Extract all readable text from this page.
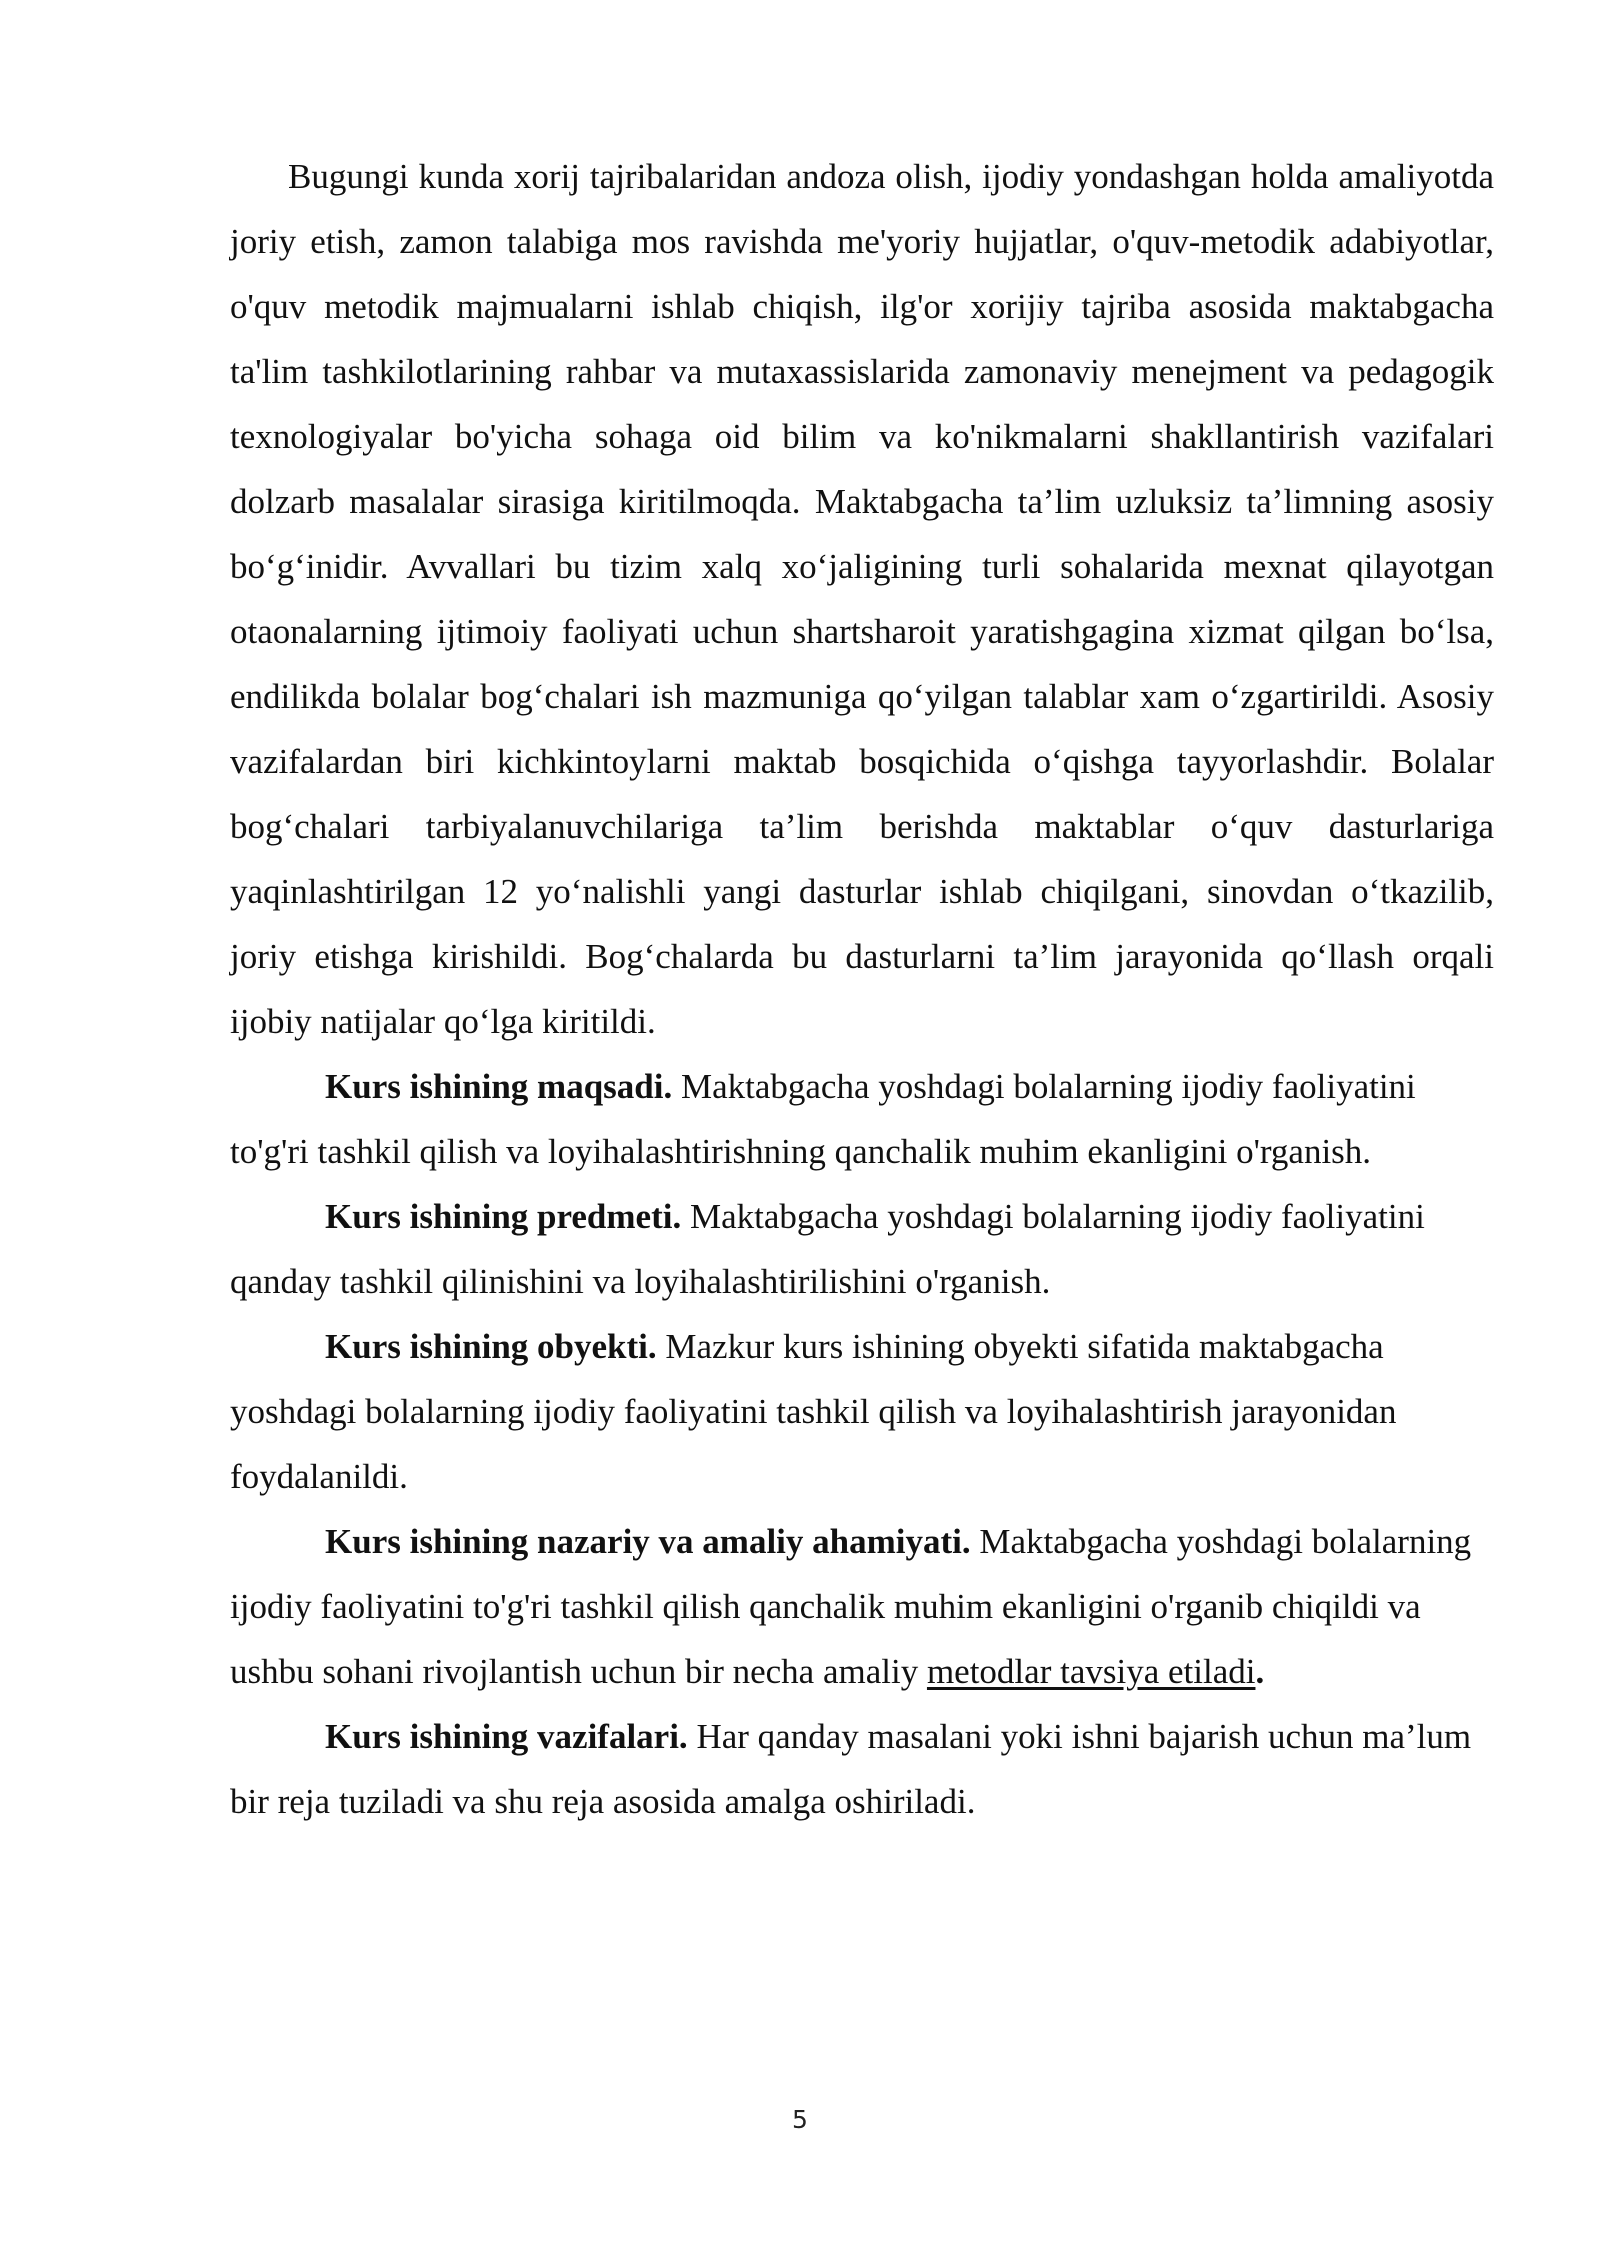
Bugungi kunda xorij tajribalaridan andoza olish, ijodiy yondashgan holda amaliyotda joriy etish, zamon talabiga mos ravishda me'yoriy hujjatlar, o'quv-metodik adabiyotlar, o'quv metodik majmualarni ishlab chiqish, ilg'or xorijiy tajriba asosida maktabgacha ta'lim tashkilotlarining rahbar va mutaxassislarida zamonaviy menejment va pedagogik texnologiyalar bo'yicha sohaga oid bilim va ko'nikmalarni shakllantirish vazifalari dolzarb masalalar sirasiga kiritilmoqda. Maktabgacha ta’lim uzluksiz ta’limning asosiy bo‘g‘inidir. Avvallari bu tizim xalq xo‘jaligining turli sohalarida mexnat qilayotgan otaonalarning ijtimoiy faoliyati uchun shartsharoit yaratishgagina xizmat qilgan bo‘lsa, endilikda bolalar bog‘chalari ish mazmuniga qo‘yilgan talablar xam o‘zgartirildi. Asosiy vazifalardan biri kichkintoylarni maktab bosqichida o‘qishga tayyorlashdir. Bolalar bog‘chalari tarbiyalanuvchilariga ta’lim berishda maktablar o‘quv dasturlariga yaqinlashtirilgan 12 yo‘nalishli yangi dasturlar ishlab chiqilgani, sinovdan o‘tkazilib, joriy etishga kirishildi. Bog‘chalarda bu dasturlarni ta’lim jarayonida qo‘llash orqali ijobiy natijalar qo‘lga kiritildi.

Kurs ishining maqsadi. Maktabgacha yoshdagi bolalarning ijodiy faoliyatini to'g'ri tashkil qilish va loyihalashtirishning qanchalik muhim ekanligini o'rganish.

Kurs ishining predmeti. Maktabgacha yoshdagi bolalarning ijodiy faoliyatini qanday tashkil qilinishini va loyihalashtirilishini o'rganish.

Kurs ishining obyekti. Mazkur kurs ishining obyekti sifatida maktabgacha yoshdagi bolalarning ijodiy faoliyatini tashkil qilish va loyihalashtirish jarayonidan foydalanildi.

Kurs ishining nazariy va amaliy ahamiyati. Maktabgacha yoshdagi bolalarning ijodiy faoliyatini to'g'ri tashkil qilish qanchalik muhim ekanligini o'rganib chiqildi va ushbu sohani rivojlantish uchun bir necha amaliy metodlar tavsiya etiladi.

Kurs ishining vazifalari. Har qanday masalani yoki ishni bajarish uchun ma’lum bir reja tuziladi va shu reja asosida amalga oshiriladi.

5
